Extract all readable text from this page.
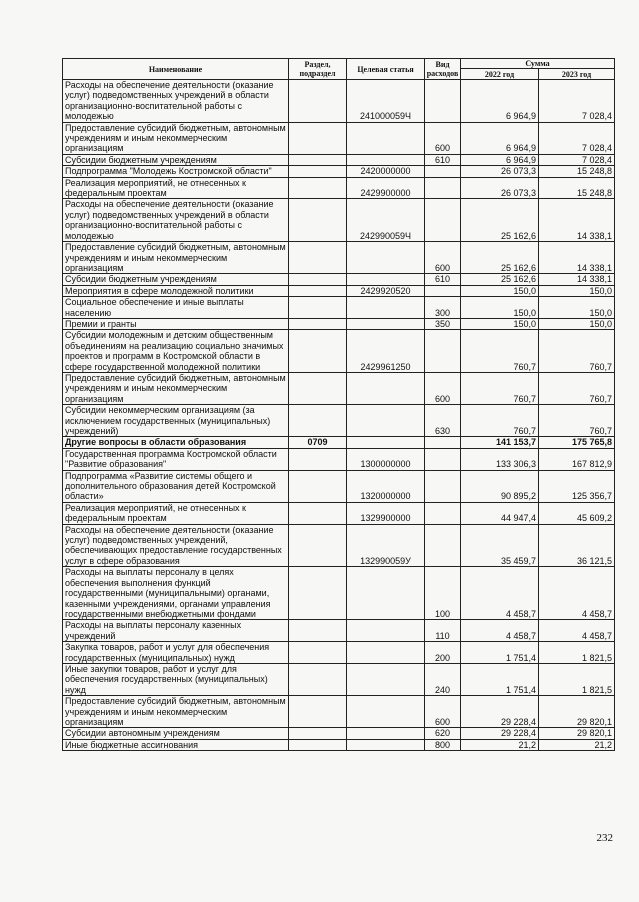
Наименование	Раздел, подраздел	Целевая статья	Вид расходов	Сумма	
				2022 год	2023 год
Расходы на обеспечение деятельности (оказание услуг) подведомственных учреждений в области организационно-воспитательной работы с молодежью		241000059Ч		6 964,9	7 028,4
Предоставление субсидий бюджетным, автономным учреждениям и иным некоммерческим организациям			600	6 964,9	7 028,4
Субсидии бюджетным учреждениям			610	6 964,9	7 028,4
Подпрограмма "Молодежь Костромской области"		2420000000		26 073,3	15 248,8
Реализация мероприятий, не отнесенных к федеральным проектам		2429900000		26 073,3	15 248,8
Расходы на обеспечение деятельности (оказание услуг) подведомственных учреждений в области организационно-воспитательной работы с молодежью		242990059Ч		25 162,6	14 338,1
Предоставление субсидий бюджетным, автономным учреждениям и иным некоммерческим организациям			600	25 162,6	14 338,1
Субсидии бюджетным учреждениям			610	25 162,6	14 338,1
Мероприятия в сфере молодежной политики		2429920520		150,0	150,0
Социальное обеспечение и иные выплаты населению			300	150,0	150,0
Премии и гранты			350	150,0	150,0
Субсидии молодежным и детским общественным объединениям на реализацию социально значимых проектов и программ в Костромской области в сфере государственной молодежной политики		2429961250		760,7	760,7
Предоставление субсидий бюджетным, автономным учреждениям и иным некоммерческим организациям			600	760,7	760,7
Субсидии некоммерческим организациям (за исключением государственных (муниципальных) учреждений)			630	760,7	760,7
Другие вопросы в области образования	0709			141 153,7	175 765,8
Государственная программа Костромской области "Развитие образования"		1300000000		133 306,3	167 812,9
Подпрограмма «Развитие системы общего и дополнительного образования детей Костромской области»		1320000000		90 895,2	125 356,7
Реализация мероприятий, не отнесенных к федеральным проектам		1329900000		44 947,4	45 609,2
Расходы на обеспечение деятельности (оказание услуг) подведомственных учреждений, обеспечивающих предоставление государственных услуг в сфере образования		132990059У		35 459,7	36 121,5
Расходы на выплаты персоналу в целях обеспечения выполнения функций государственными (муниципальными) органами, казенными учреждениями, органами управления государственными внебюджетными фондами			100	4 458,7	4 458,7
Расходы на выплаты персоналу казенных учреждений			110	4 458,7	4 458,7
Закупка товаров, работ и услуг для обеспечения государственных (муниципальных) нужд			200	1 751,4	1 821,5
Иные закупки товаров, работ и услуг для обеспечения государственных (муниципальных) нужд			240	1 751,4	1 821,5
Предоставление субсидий бюджетным, автономным учреждениям и иным некоммерческим организациям			600	29 228,4	29 820,1
Субсидии автономным учреждениям			620	29 228,4	29 820,1
Иные бюджетные ассигнования			800	21,2	21,2
232
